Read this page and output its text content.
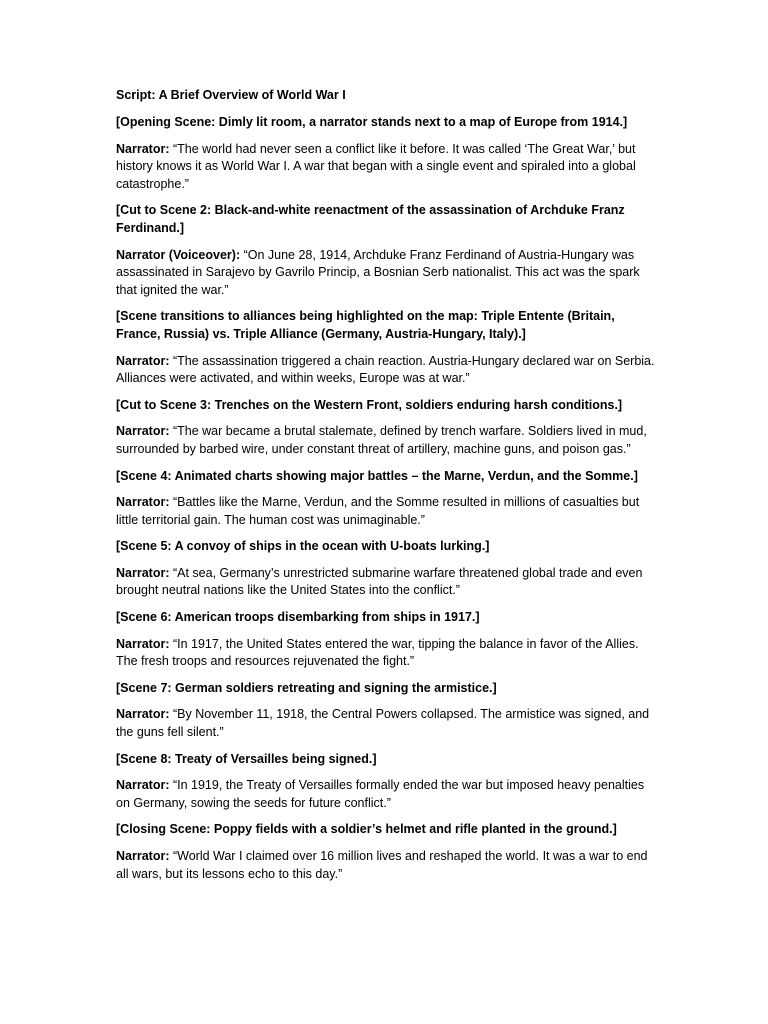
Script: A Brief Overview of World War I

[Opening Scene: Dimly lit room, a narrator stands next to a map of Europe from 1914.]

Narrator: “The world had never seen a conflict like it before. It was called ‘The Great War,’ but history knows it as World War I. A war that began with a single event and spiraled into a global catastrophe.”

[Cut to Scene 2: Black-and-white reenactment of the assassination of Archduke Franz Ferdinand.]

Narrator (Voiceover): “On June 28, 1914, Archduke Franz Ferdinand of Austria-Hungary was assassinated in Sarajevo by Gavrilo Princip, a Bosnian Serb nationalist. This act was the spark that ignited the war.”

[Scene transitions to alliances being highlighted on the map: Triple Entente (Britain, France, Russia) vs. Triple Alliance (Germany, Austria-Hungary, Italy).]

Narrator: “The assassination triggered a chain reaction. Austria-Hungary declared war on Serbia. Alliances were activated, and within weeks, Europe was at war.”

[Cut to Scene 3: Trenches on the Western Front, soldiers enduring harsh conditions.]

Narrator: “The war became a brutal stalemate, defined by trench warfare. Soldiers lived in mud, surrounded by barbed wire, under constant threat of artillery, machine guns, and poison gas.”

[Scene 4: Animated charts showing major battles – the Marne, Verdun, and the Somme.]

Narrator: “Battles like the Marne, Verdun, and the Somme resulted in millions of casualties but little territorial gain. The human cost was unimaginable.”

[Scene 5: A convoy of ships in the ocean with U-boats lurking.]

Narrator: “At sea, Germany’s unrestricted submarine warfare threatened global trade and even brought neutral nations like the United States into the conflict.”

[Scene 6: American troops disembarking from ships in 1917.]

Narrator: “In 1917, the United States entered the war, tipping the balance in favor of the Allies. The fresh troops and resources rejuvenated the fight.”

[Scene 7: German soldiers retreating and signing the armistice.]

Narrator: “By November 11, 1918, the Central Powers collapsed. The armistice was signed, and the guns fell silent.”

[Scene 8: Treaty of Versailles being signed.]

Narrator: “In 1919, the Treaty of Versailles formally ended the war but imposed heavy penalties on Germany, sowing the seeds for future conflict.”

[Closing Scene: Poppy fields with a soldier’s helmet and rifle planted in the ground.]

Narrator: “World War I claimed over 16 million lives and reshaped the world. It was a war to end all wars, but its lessons echo to this day.”
